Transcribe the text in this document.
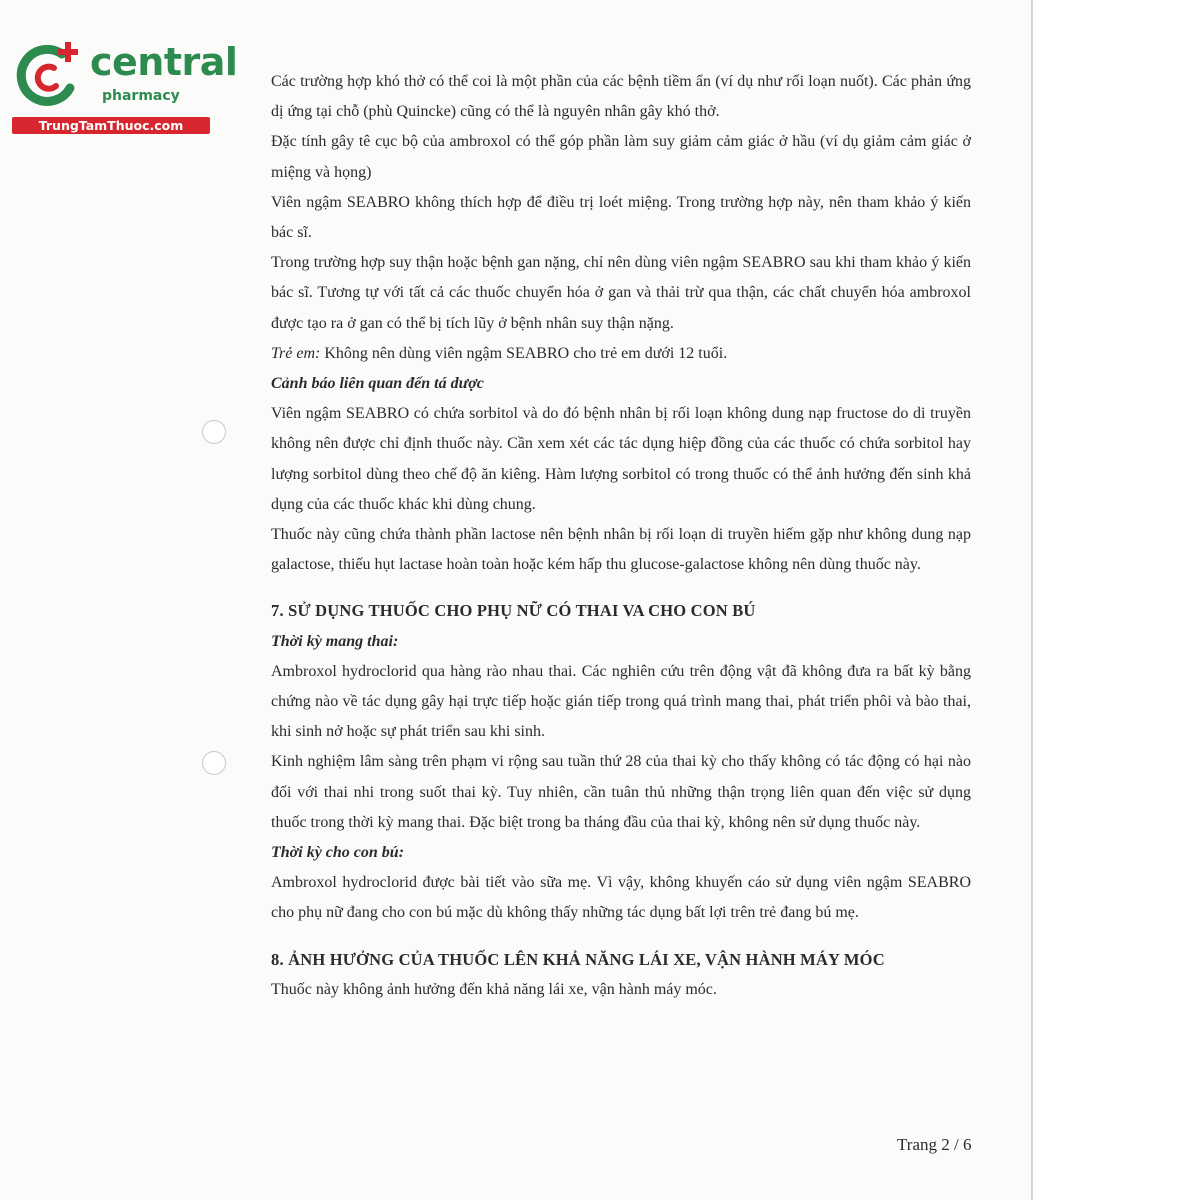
central
pharmacy
TrungTamThuoc.com

Các trường hợp khó thở có thể coi là một phần của các bệnh tiềm ẩn (ví dụ như rối loạn nuốt). Các phản ứng dị ứng tại chỗ (phù Quincke) cũng có thể là nguyên nhân gây khó thở.

Đặc tính gây tê cục bộ của ambroxol có thể góp phần làm suy giảm cảm giác ở hầu (ví dụ giảm cảm giác ở miệng và họng)

Viên ngậm SEABRO không thích hợp để điều trị loét miệng. Trong trường hợp này, nên tham khảo ý kiến bác sĩ.

Trong trường hợp suy thận hoặc bệnh gan nặng, chỉ nên dùng viên ngậm SEABRO sau khi tham khảo ý kiến bác sĩ. Tương tự với tất cả các thuốc chuyển hóa ở gan và thải trừ qua thận, các chất chuyển hóa ambroxol được tạo ra ở gan có thể bị tích lũy ở bệnh nhân suy thận nặng.

Trẻ em: Không nên dùng viên ngậm SEABRO cho trẻ em dưới 12 tuổi.

Cảnh báo liên quan đến tá dược

Viên ngậm SEABRO có chứa sorbitol và do đó bệnh nhân bị rối loạn không dung nạp fructose do di truyền không nên được chỉ định thuốc này. Cần xem xét các tác dụng hiệp đồng của các thuốc có chứa sorbitol hay lượng sorbitol dùng theo chế độ ăn kiêng. Hàm lượng sorbitol có trong thuốc có thể ảnh hưởng đến sinh khả dụng của các thuốc khác khi dùng chung.

Thuốc này cũng chứa thành phần lactose nên bệnh nhân bị rối loạn di truyền hiếm gặp như không dung nạp galactose, thiếu hụt lactase hoàn toàn hoặc kém hấp thu glucose-galactose không nên dùng thuốc này.

7. SỬ DỤNG THUỐC CHO PHỤ NỮ CÓ THAI VA CHO CON BÚ

Thời kỳ mang thai:

Ambroxol hydroclorid qua hàng rào nhau thai. Các nghiên cứu trên động vật đã không đưa ra bất kỳ bằng chứng nào về tác dụng gây hại trực tiếp hoặc gián tiếp trong quá trình mang thai, phát triển phôi và bào thai, khi sinh nở hoặc sự phát triển sau khi sinh.

Kinh nghiệm lâm sàng trên phạm vi rộng sau tuần thứ 28 của thai kỳ cho thấy không có tác động có hại nào đối với thai nhi trong suốt thai kỳ. Tuy nhiên, cần tuân thủ những thận trọng liên quan đến việc sử dụng thuốc trong thời kỳ mang thai. Đặc biệt trong ba tháng đầu của thai kỳ, không nên sử dụng thuốc này.

Thời kỳ cho con bú:

Ambroxol hydroclorid được bài tiết vào sữa mẹ. Vì vậy, không khuyến cáo sử dụng viên ngậm SEABRO cho phụ nữ đang cho con bú mặc dù không thấy những tác dụng bất lợi trên trẻ đang bú mẹ.

8. ẢNH HƯỞNG CỦA THUỐC LÊN KHẢ NĂNG LÁI XE, VẬN HÀNH MÁY MÓC

Thuốc này không ảnh hưởng đến khả năng lái xe, vận hành máy móc.

Trang 2 / 6
